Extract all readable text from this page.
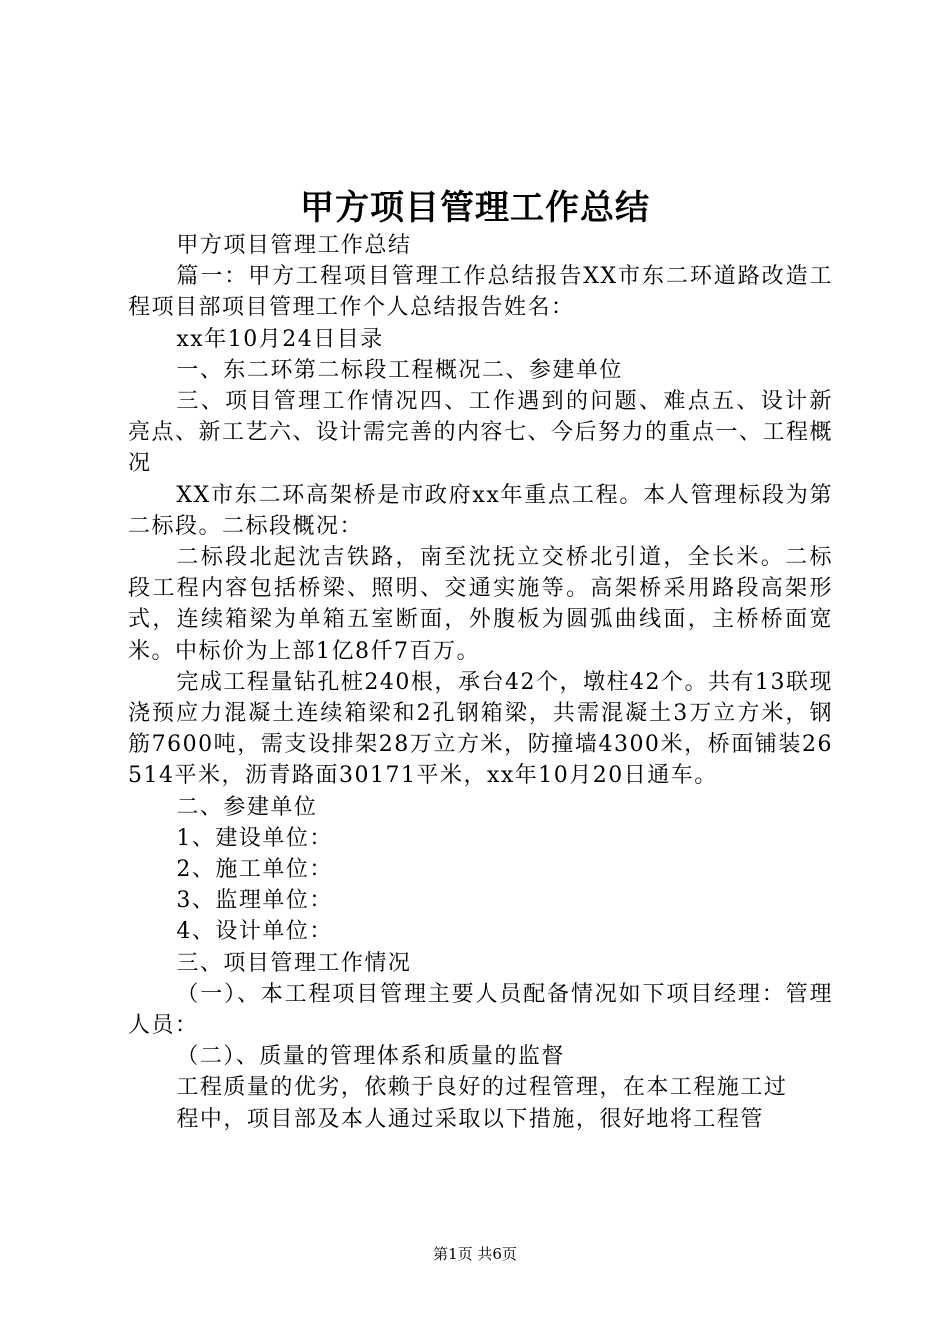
甲方项目管理工作总结

甲方项目管理工作总结

篇一：甲方工程项目管理工作总结报告XX市东二环道路改造工程项目部项目管理工作个人总结报告姓名：

xx年10月24日目录

一、东二环第二标段工程概况二、参建单位

三、项目管理工作情况四、工作遇到的问题、难点五、设计新亮点、新工艺六、设计需完善的内容七、今后努力的重点一、工程概况

XX市东二环高架桥是市政府xx年重点工程。本人管理标段为第二标段。二标段概况：

二标段北起沈吉铁路，南至沈抚立交桥北引道，全长米。二标段工程内容包括桥梁、照明、交通实施等。高架桥采用路段高架形式，连续箱梁为单箱五室断面，外腹板为圆弧曲线面，主桥桥面宽米。中标价为上部1亿8仟7百万。

完成工程量钻孔桩240根，承台42个，墩柱42个。共有13联现浇预应力混凝土连续箱梁和2孔钢箱梁，共需混凝土3万立方米，钢筋7600吨，需支设排架28万立方米，防撞墙4300米，桥面铺装26514平米，沥青路面30171平米，xx年10月20日通车。

二、参建单位

1、建设单位：

2、施工单位：

3、监理单位：

4、设计单位：

三、项目管理工作情况

（一）、本工程项目管理主要人员配备情况如下项目经理：管理人员：

（二）、质量的管理体系和质量的监督

工程质量的优劣，依赖于良好的过程管理，在本工程施工过

程中，项目部及本人通过采取以下措施，很好地将工程管

第1页 共6页
